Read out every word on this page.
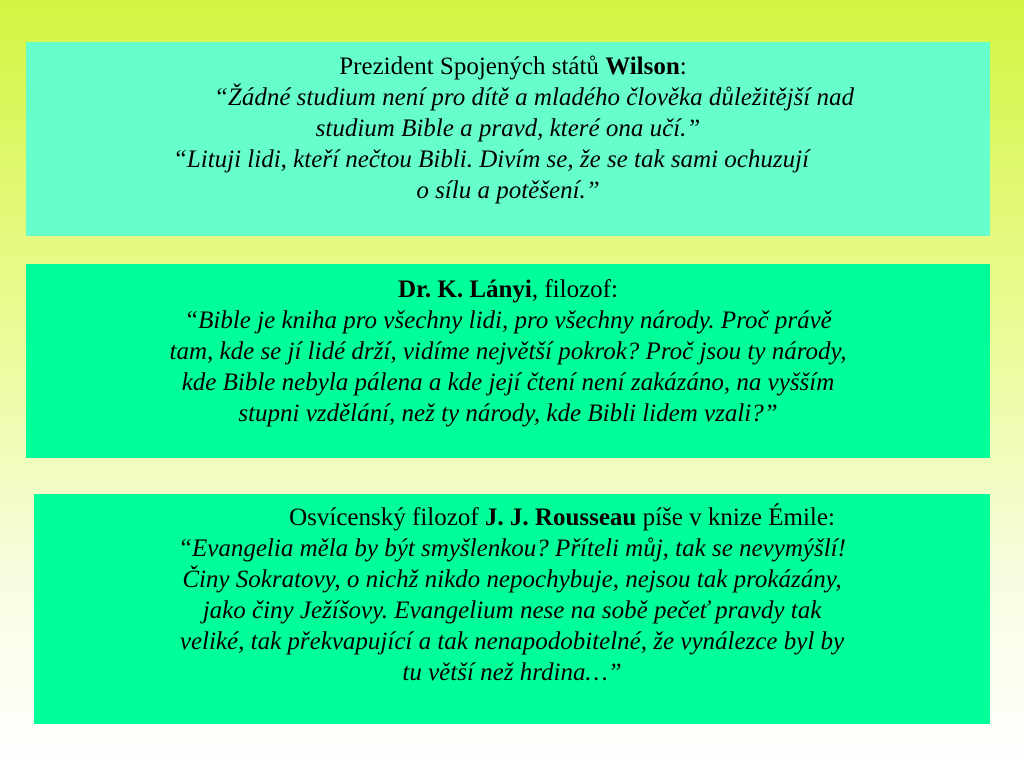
Prezident Spojených států Wilson:
“Žádné studium není pro dítě a mladého člověka důležitější nad
studium Bible a pravd, které ona učí.”
“Lituji lidi, kteří nečtou Bibli. Divím se, že se tak sami ochuzují
o sílu a potěšení.”
Dr. K. Lányi, filozof:
“Bible je kniha pro všechny lidi, pro všechny národy. Proč právě
tam, kde se jí lidé drží, vidíme největší pokrok? Proč jsou ty národy,
kde Bible nebyla pálena a kde její čtení není zakázáno, na vyšším
stupni vzdělání, než ty národy, kde Bibli lidem vzali?”
Osvícenský filozof J. J. Rousseau píše v knize Émile:
“Evangelia měla by být smyšlenkou? Příteli můj, tak se nevymýšlí!
Činy Sokratovy, o nichž nikdo nepochybuje, nejsou tak prokázány,
jako činy Ježíšovy. Evangelium nese na sobě pečeť pravdy tak
veliké, tak překvapující a tak nenapodobitelné, že vynálezce byl by
tu větší než hrdina…”
